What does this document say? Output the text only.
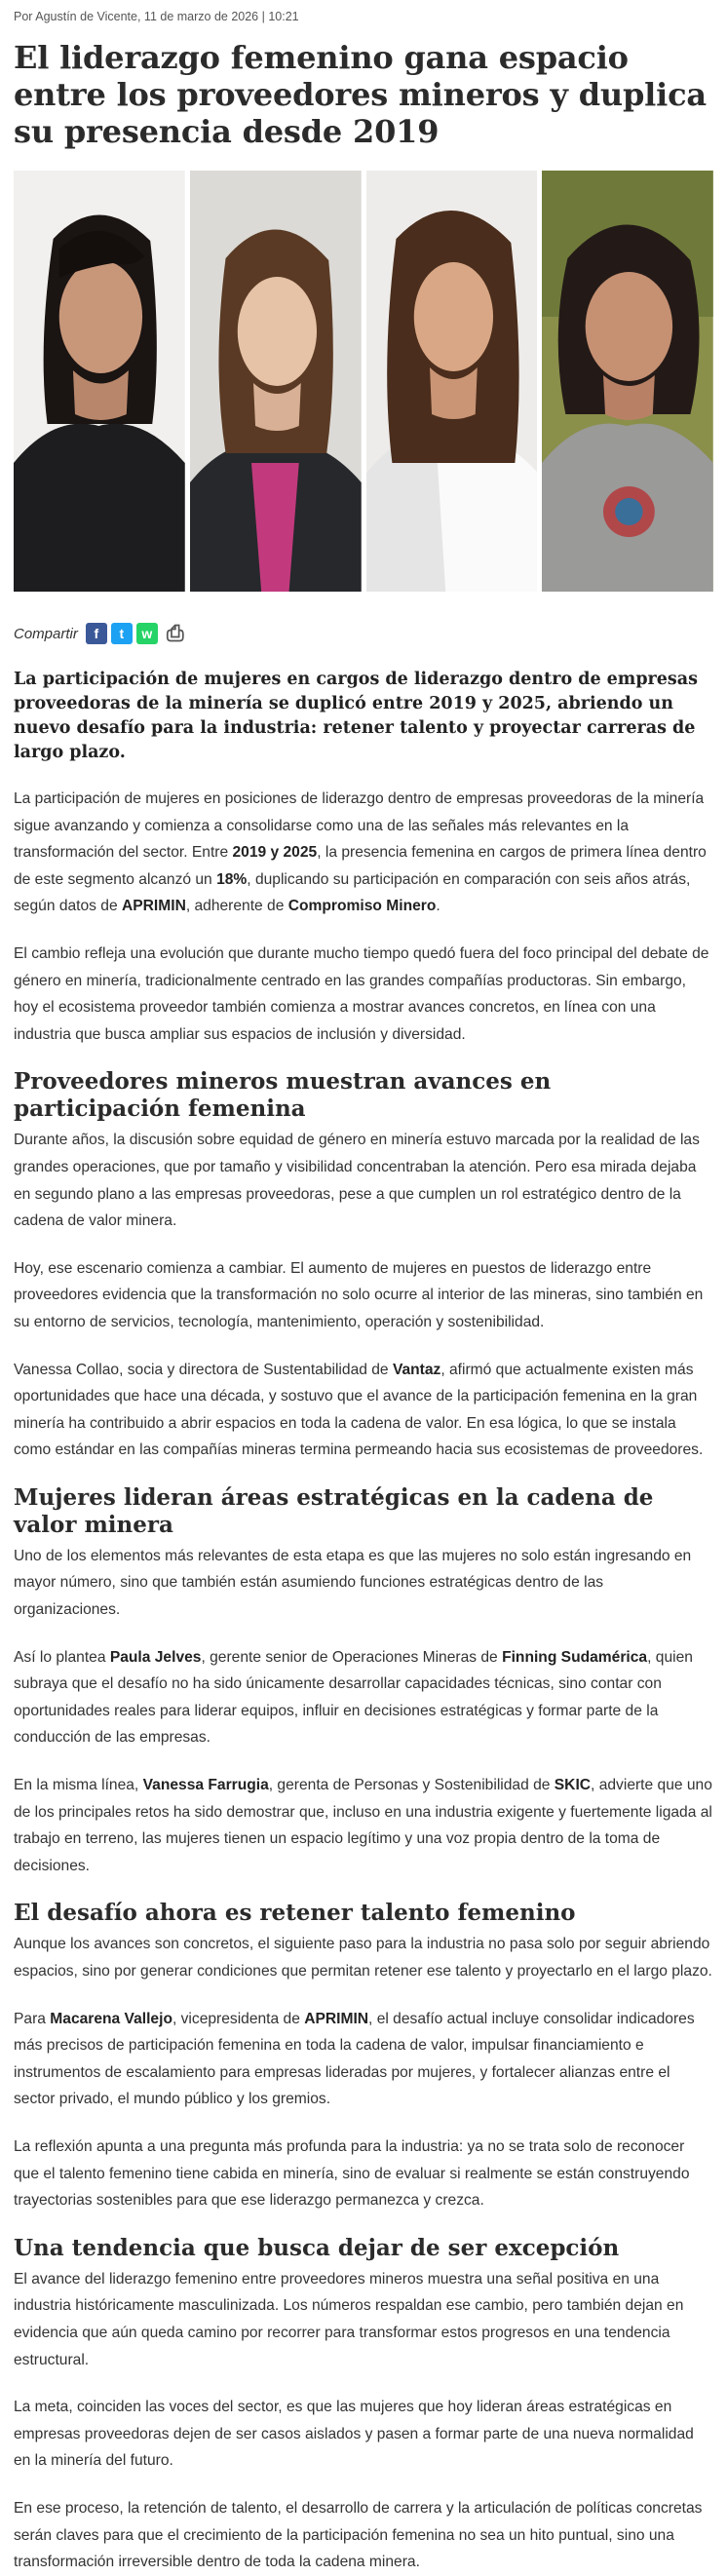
Por Agustín de Vicente, 11 de marzo de 2026 | 10:21
El liderazgo femenino gana espacio entre los proveedores mineros y duplica su presencia desde 2019
Compartir	f	t	w ⎙

La participación de mujeres en cargos de liderazgo dentro de empresas proveedoras de la minería se duplicó entre 2019 y 2025, abriendo un nuevo desafío para la industria: retener talento y proyectar carreras de largo plazo.

La participación de mujeres en posiciones de liderazgo dentro de empresas proveedoras de la minería sigue avanzando y comienza a consolidarse como una de las señales más relevantes en la transformación del sector. Entre 2019 y 2025, la presencia femenina en cargos de primera línea dentro de este segmento alcanzó un 18%, duplicando su participación en comparación con seis años atrás, según datos de APRIMIN, adherente de Compromiso Minero.

El cambio refleja una evolución que durante mucho tiempo quedó fuera del foco principal del debate de género en minería, tradicionalmente centrado en las grandes compañías productoras. Sin embargo, hoy el ecosistema proveedor también comienza a mostrar avances concretos, en línea con una industria que busca ampliar sus espacios de inclusión y diversidad.

Proveedores mineros muestran avances en participación femenina

Durante años, la discusión sobre equidad de género en minería estuvo marcada por la realidad de las grandes operaciones, que por tamaño y visibilidad concentraban la atención. Pero esa mirada dejaba en segundo plano a las empresas proveedoras, pese a que cumplen un rol estratégico dentro de la cadena de valor minera.

Hoy, ese escenario comienza a cambiar. El aumento de mujeres en puestos de liderazgo entre proveedores evidencia que la transformación no solo ocurre al interior de las mineras, sino también en su entorno de servicios, tecnología, mantenimiento, operación y sostenibilidad.

Vanessa Collao, socia y directora de Sustentabilidad de Vantaz, afirmó que actualmente existen más oportunidades que hace una década, y sostuvo que el avance de la participación femenina en la gran minería ha contribuido a abrir espacios en toda la cadena de valor. En esa lógica, lo que se instala como estándar en las compañías mineras termina permeando hacia sus ecosistemas de proveedores.

Mujeres lideran áreas estratégicas en la cadena de valor minera

Uno de los elementos más relevantes de esta etapa es que las mujeres no solo están ingresando en mayor número, sino que también están asumiendo funciones estratégicas dentro de las organizaciones.

Así lo plantea Paula Jelves, gerente senior de Operaciones Mineras de Finning Sudamérica, quien subraya que el desafío no ha sido únicamente desarrollar capacidades técnicas, sino contar con oportunidades reales para liderar equipos, influir en decisiones estratégicas y formar parte de la conducción de las empresas.

En la misma línea, Vanessa Farrugia, gerenta de Personas y Sostenibilidad de SKIC, advierte que uno de los principales retos ha sido demostrar que, incluso en una industria exigente y fuertemente ligada al trabajo en terreno, las mujeres tienen un espacio legítimo y una voz propia dentro de la toma de decisiones.

El desafío ahora es retener talento femenino

Aunque los avances son concretos, el siguiente paso para la industria no pasa solo por seguir abriendo espacios, sino por generar condiciones que permitan retener ese talento y proyectarlo en el largo plazo.

Para Macarena Vallejo, vicepresidenta de APRIMIN, el desafío actual incluye consolidar indicadores más precisos de participación femenina en toda la cadena de valor, impulsar financiamiento e instrumentos de escalamiento para empresas lideradas por mujeres, y fortalecer alianzas entre el sector privado, el mundo público y los gremios.

La reflexión apunta a una pregunta más profunda para la industria: ya no se trata solo de reconocer que el talento femenino tiene cabida en minería, sino de evaluar si realmente se están construyendo trayectorias sostenibles para que ese liderazgo permanezca y crezca.

Una tendencia que busca dejar de ser excepción

El avance del liderazgo femenino entre proveedores mineros muestra una señal positiva en una industria históricamente masculinizada. Los números respaldan ese cambio, pero también dejan en evidencia que aún queda camino por recorrer para transformar estos progresos en una tendencia estructural.

La meta, coinciden las voces del sector, es que las mujeres que hoy lideran áreas estratégicas en empresas proveedoras dejen de ser casos aislados y pasen a formar parte de una nueva normalidad en la minería del futuro.

En ese proceso, la retención de talento, el desarrollo de carrera y la articulación de políticas concretas serán claves para que el crecimiento de la participación femenina no sea un hito puntual, sino una transformación irreversible dentro de toda la cadena minera.
